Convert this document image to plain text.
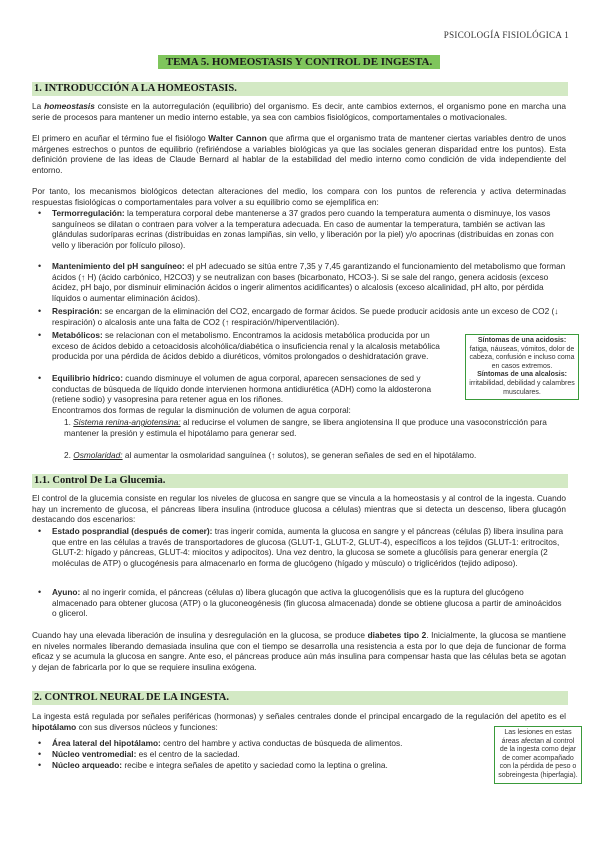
PSICOLOGÍA FISIOLÓGICA 1
TEMA 5. HOMEOSTASIS Y CONTROL DE INGESTA.
1. INTRODUCCIÓN A LA HOMEOSTASIS.
La homeostasis consiste en la autorregulación (equilibrio) del organismo. Es decir, ante cambios externos, el organismo pone en marcha una serie de procesos para mantener un medio interno estable, ya sea con cambios fisiológicos, comportamentales o motivacionales.
El primero en acuñar el término fue el fisiólogo Walter Cannon que afirma que el organismo trata de mantener ciertas variables dentro de unos márgenes estrechos o puntos de equilibrio (refiriéndose a variables biológicas ya que las sociales generan disparidad entre los puntos). Esta definición proviene de las ideas de Claude Bernard al hablar de la estabilidad del medio interno como condición de vida independiente del entorno.
Por tanto, los mecanismos biológicos detectan alteraciones del medio, los compara con los puntos de referencia y activa determinadas respuestas fisiológicas o comportamentales para volver a su equilibrio como se ejemplifica en:
• Termorregulación: la temperatura corporal debe mantenerse a 37 grados pero cuando la temperatura aumenta o disminuye, los vasos sanguíneos se dilatan o contraen para volver a la temperatura adecuada. En caso de aumentar la temperatura, también se activan las glándulas sudoríparas ecrinas (distribuidas en zonas lampiñas, sin vello, y liberación por la piel) y/o apocrinas (distribuidas en zonas con vello y liberación por folículo piloso).
• Mantenimiento del pH sanguíneo: el pH adecuado se sitúa entre 7,35 y 7,45 garantizando el funcionamiento del metabolismo que forman ácidos (↑ H) (ácido carbónico, H2CO3) y se neutralizan con bases (bicarbonato, HCO3-). Si se sale del rango, genera acidosis (exceso ácidez, pH bajo, por disminuir eliminación ácidos o ingerir alimentos acidificantes) o alcalosis (exceso alcalinidad, pH alto, por pérdida líquidos o aumentar eliminación ácidos).
• Respiración: se encargan de la eliminación del CO2, encargado de formar ácidos. Se puede producir acidosis ante un exceso de CO2 (↓ respiración) o alcalosis ante una falta de CO2 (↑ respiración//hiperventilación).
• Metabólicos: se relacionan con el metabolismo. Encontramos la acidosis metabólica producida por un exceso de ácidos debido a cetoacidosis alcohólica/diabética o insuficiencia renal y la alcalosis metabólica producida por una pérdida de ácidos debido a diuréticos, vómitos prolongados o deshidratación grave.
• Equilibrio hídrico: cuando disminuye el volumen de agua corporal, aparecen sensaciones de sed y conductas de búsqueda de líquido donde intervienen hormona antidiurética (ADH) como la aldosterona (retiene sodio) y vasopresina para retener agua en los riñones.
Encontramos dos formas de regular la disminución de volumen de agua corporal:
1. Sistema renina-angiotensina: al reducirse el volumen de sangre, se libera angiotensina II que produce una vasoconstricción para mantener la presión y estimula el hipotálamo para generar sed.
2. Osmolaridad: al aumentar la osmolaridad sanguínea (↑ solutos), se generan señales de sed en el hipotálamo.
Síntomas de una acidosis:
fatiga, náuseas, vómitos, dolor de cabeza, confusión e incluso coma en casos extremos.
Síntomas de una alcalosis:
irritabilidad, debilidad y calambres musculares.
1.1. Control De La Glucemia.
El control de la glucemia consiste en regular los niveles de glucosa en sangre que se vincula a la homeostasis y al control de la ingesta. Cuando hay un incremento de glucosa, el páncreas libera insulina (introduce glucosa a células) mientras que si detecta un descenso, libera glucagón destacando dos escenarios:
• Estado posprandial (después de comer): tras ingerir comida, aumenta la glucosa en sangre y el páncreas (células β) libera insulina para que entre en las células a través de transportadores de glucosa (GLUT-1, GLUT-2, GLUT-4), específicos a los tejidos (GLUT-1: eritrocitos, GLUT-2: hígado y páncreas, GLUT-4: miocitos y adipocitos). Una vez dentro, la glucosa se somete a glucólisis para generar energía (2 moléculas de ATP) o glucogénesis para almacenarlo en forma de glucógeno (hígado y músculo) o triglicéridos (tejido adiposo).
• Ayuno: al no ingerir comida, el páncreas (células α) libera glucagón que activa la glucogenólisis que es la ruptura del glucógeno almacenado para obtener glucosa (ATP) o la gluconeogénesis (fin glucosa almacenada) donde se obtiene glucosa a partir de aminoácidos o glicerol.
Cuando hay una elevada liberación de insulina y desregulación en la glucosa, se produce diabetes tipo 2. Inicialmente, la glucosa se mantiene en niveles normales liberando demasiada insulina que con el tiempo se desarrolla una resistencia a esta por lo que deja de funcionar de forma eficaz y se acumula la glucosa en sangre. Ante eso, el páncreas produce aún más insulina para compensar hasta que las células beta se agotan y dejan de fabricarla por lo que se requiere insulina exógena.
2. CONTROL NEURAL DE LA INGESTA.
La ingesta está regulada por señales periféricas (hormonas) y señales centrales donde el principal encargado de la regulación del apetito es el hipotálamo con sus diversos núcleos y funciones:
• Área lateral del hipotálamo: centro del hambre y activa conductas de búsqueda de alimentos.
• Núcleo ventromedial: es el centro de la saciedad.
• Núcleo arqueado: recibe e integra señales de apetito y saciedad como la leptina o grelina.
Las lesiones en estas áreas afectan al control de la ingesta como dejar de comer acompañado con la pérdida de peso o sobreingesta (hiperfagia).
